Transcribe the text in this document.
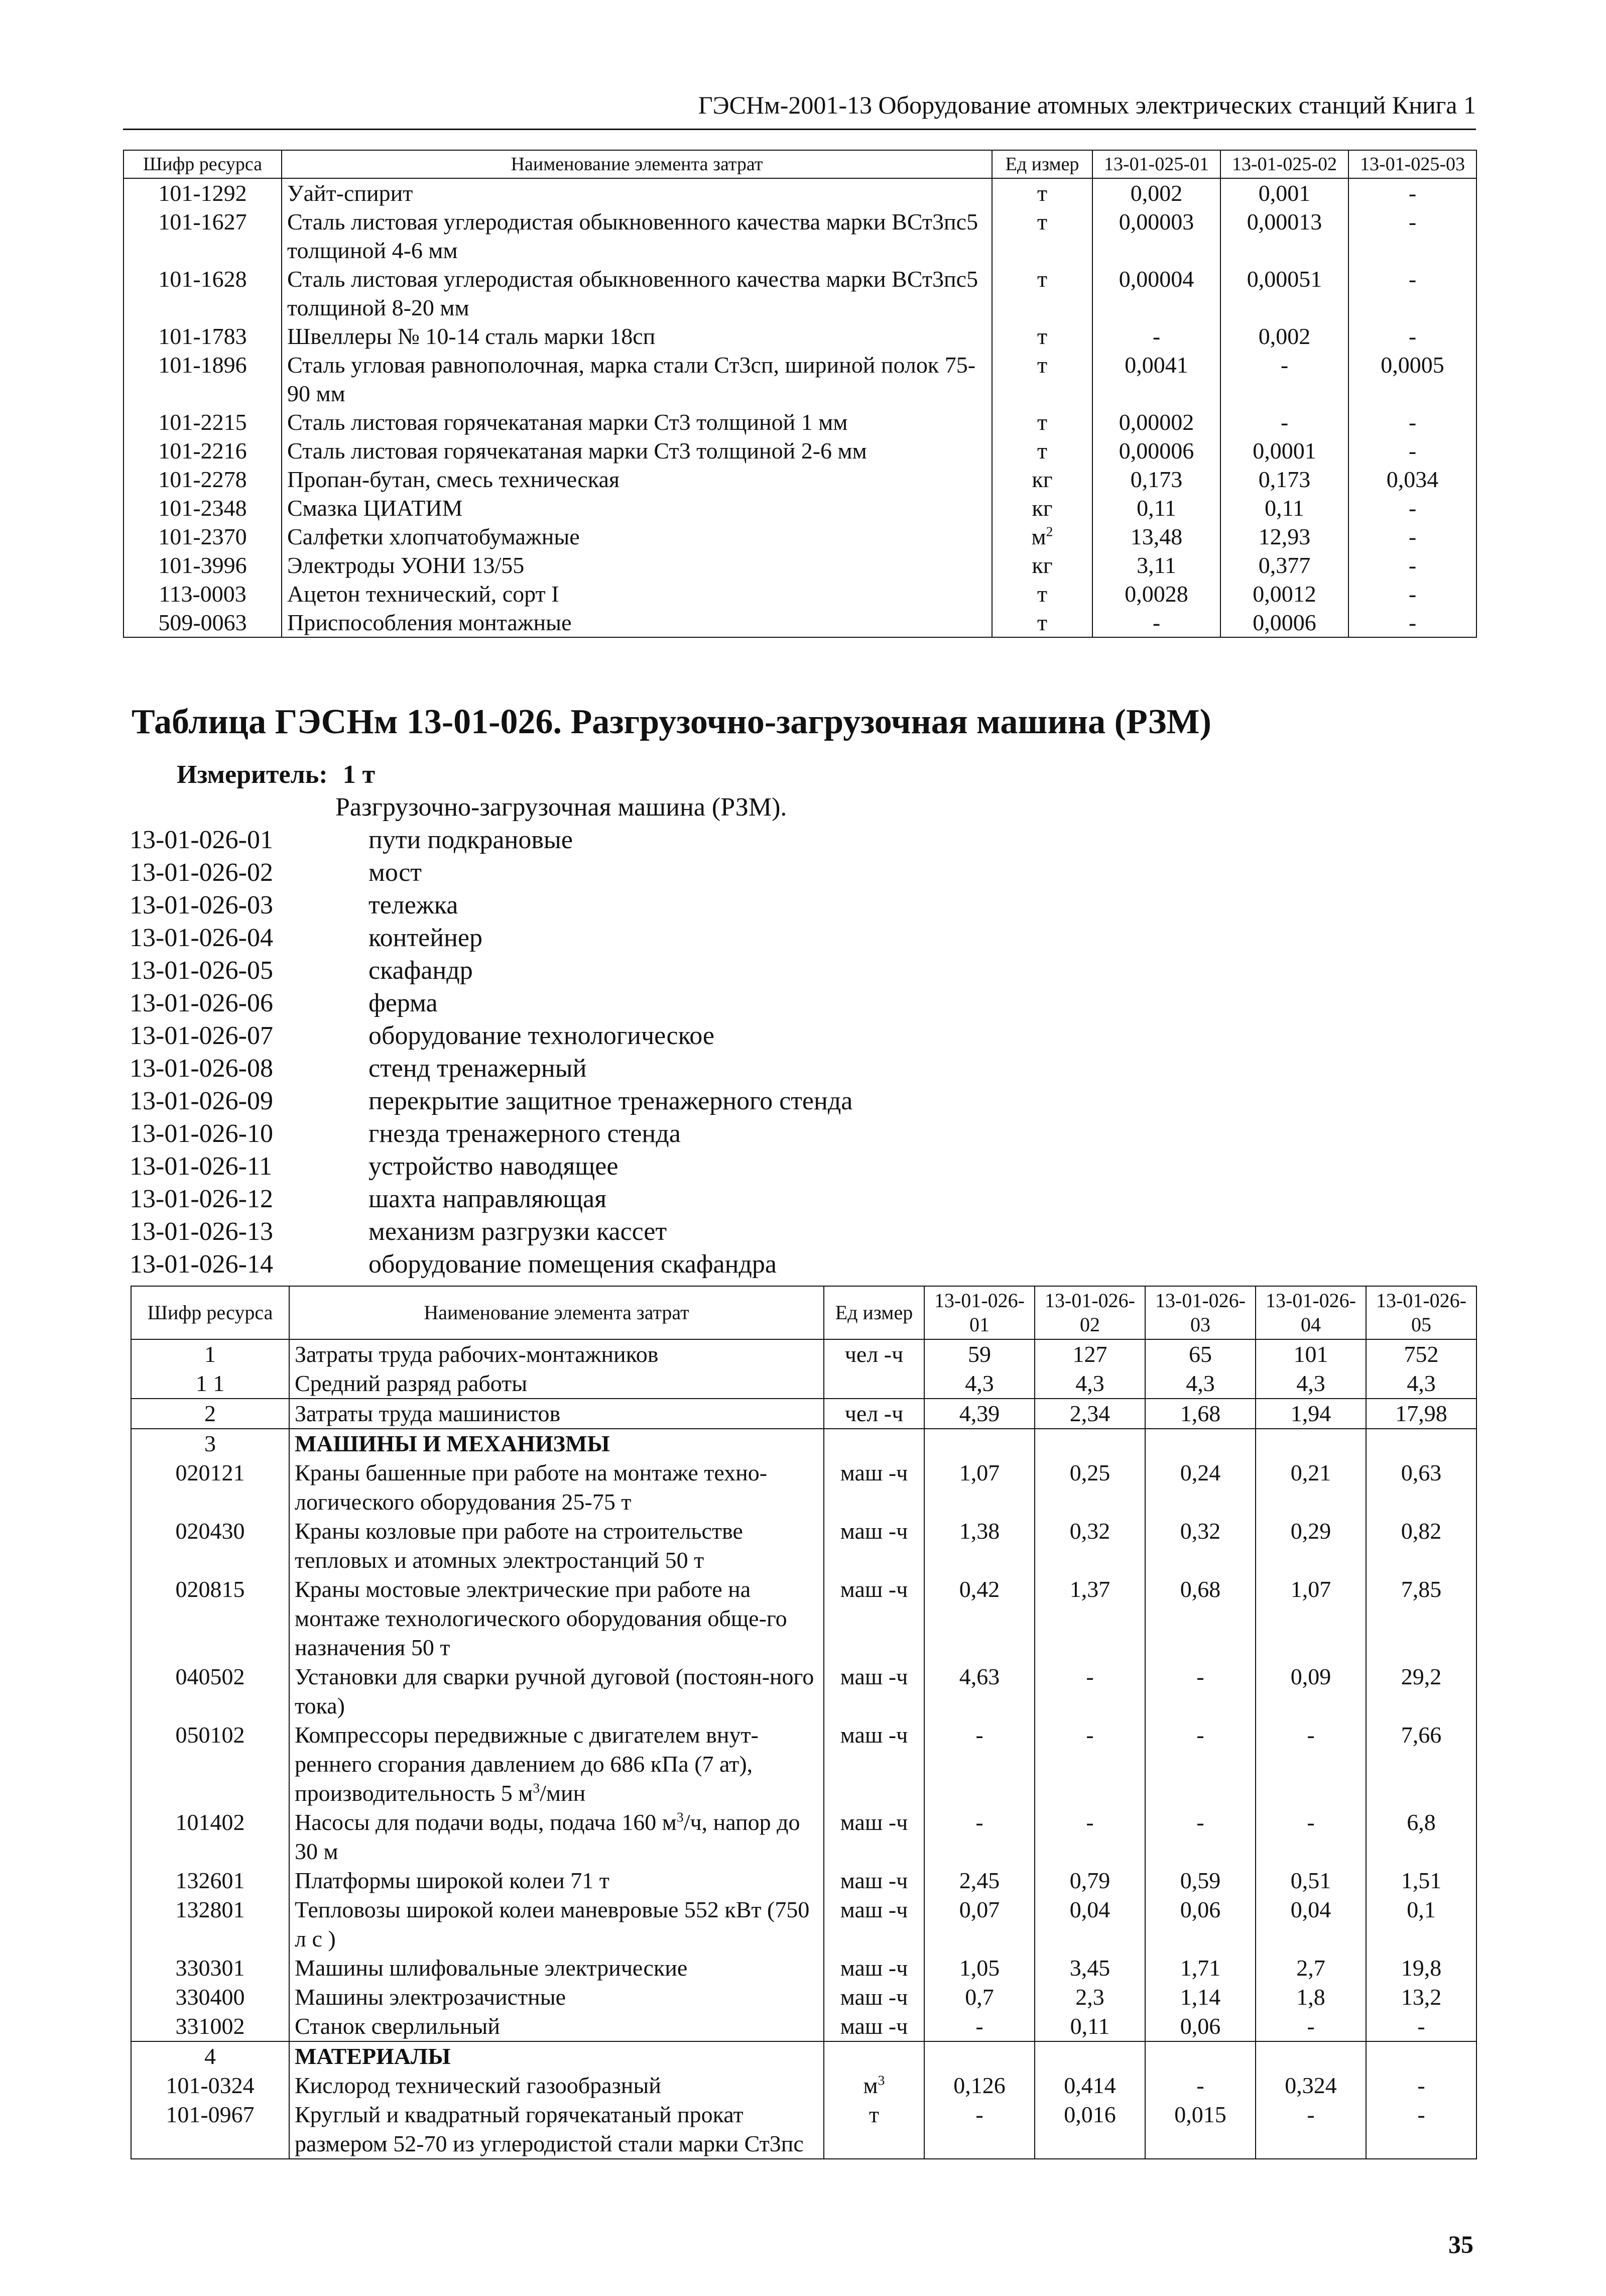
ГЭСНм-2001-13 Оборудование атомных электрических станций Книга 1
Шифр ресурса	Наименование элемента затрат	Ед измер	13-01-025-01	13-01-025-02	13-01-025-03
101-1292	Уайт-спирит	т	0,002	0,001	-
101-1627	Сталь листовая углеродистая обыкновенного качества марки ВСт3пс5 толщиной 4-6 мм	т	0,00003	0,00013	-
101-1628	Сталь листовая углеродистая обыкновенного качества марки ВСт3пс5 толщиной 8-20 мм	т	0,00004	0,00051	-
101-1783	Швеллеры № 10-14 сталь марки 18сп	т	-	0,002	-
101-1896	Сталь угловая равнополочная, марка стали Ст3сп, шириной полок 75-90 мм	т	0,0041	-	0,0005
101-2215	Сталь листовая горячекатаная марки Ст3 толщиной 1 мм	т	0,00002	-	-
101-2216	Сталь листовая горячекатаная марки Ст3 толщиной 2-6 мм	т	0,00006	0,0001	-
101-2278	Пропан-бутан, смесь техническая	кг	0,173	0,173	0,034
101-2348	Смазка ЦИАТИМ	кг	0,11	0,11	-
101-2370	Салфетки хлопчатобумажные	$м^2$	13,48	12,93	-
101-3996	Электроды УОНИ 13/55	кг	3,11	0,377	-
113-0003	Ацетон технический, сорт I	т	0,0028	0,0012	-
509-0063	Приспособления монтажные	т	-	0,0006	-
Таблица ГЭСНм 13-01-026. Разгрузочно-загрузочная машина (РЗМ)
Измеритель: 1 т
Разгрузочно-загрузочная машина (РЗМ).
13-01-026-01	пути подкрановые
13-01-026-02	мост
13-01-026-03	тележка
13-01-026-04	контейнер
13-01-026-05	скафандр
13-01-026-06	ферма
13-01-026-07	оборудование технологическое
13-01-026-08	стенд тренажерный
13-01-026-09	перекрытие защитное тренажерного стенда
13-01-026-10	гнезда тренажерного стенда
13-01-026-11	устройство наводящее
13-01-026-12	шахта направляющая
13-01-026-13	механизм разгрузки кассет
13-01-026-14	оборудование помещения скафандра
Шифр ресурса	Наименование элемента затрат	Ед измер	13-01-026-01	13-01-026-02	13-01-026-03	13-01-026-04	13-01-026-05
1	Затраты труда рабочих-монтажников	чел -ч	59	127	65	101	752
1 1	Средний разряд работы		4,3	4,3	4,3	4,3	4,3
2	Затраты труда машинистов	чел -ч	4,39	2,34	1,68	1,94	17,98
3	МАШИНЫ И МЕХАНИЗМЫ						
020121	Краны башенные при работе на монтаже техно-логического оборудования 25-75 т	маш -ч	1,07	0,25	0,24	0,21	0,63
020430	Краны козловые при работе на строительстве тепловых и атомных электростанций 50 т	маш -ч	1,38	0,32	0,32	0,29	0,82
020815	Краны мостовые электрические при работе на монтаже технологического оборудования обще-го назначения 50 т	маш -ч	0,42	1,37	0,68	1,07	7,85
040502	Установки для сварки ручной дуговой (постоян-ного тока)	маш -ч	4,63	-	-	0,09	29,2
050102	Компрессоры передвижные с двигателем внут-реннего сгорания давлением до 686 кПа (7 ат), производительность 5 $м^3$/мин	маш -ч	-	-	-	-	7,66
101402	Насосы для подачи воды, подача 160 $м^3/ч$, напор до 30 м	маш -ч	-	-	-	-	6,8
132601	Платформы широкой колеи 71 т	маш -ч	2,45	0,79	0,59	0,51	1,51
132801	Тепловозы широкой колеи маневровые 552 кВт (750 л с )	маш -ч	0,07	0,04	0,06	0,04	0,1
330301	Машины шлифовальные электрические	маш -ч	1,05	3,45	1,71	2,7	19,8
330400	Машины электрозачистные	маш -ч	0,7	2,3	1,14	1,8	13,2
331002	Станок сверлильный	маш -ч	-	0,11	0,06	-	-
4	МАТЕРИАЛЫ						
101-0324	Кислород технический газообразный	$м^3$	0,126	0,414	-	0,324	-
101-0967	Круглый и квадратный горячекатаный прокат размером 52-70 из углеродистой стали марки Ст3пс	т	-	0,016	0,015	-	-
35
